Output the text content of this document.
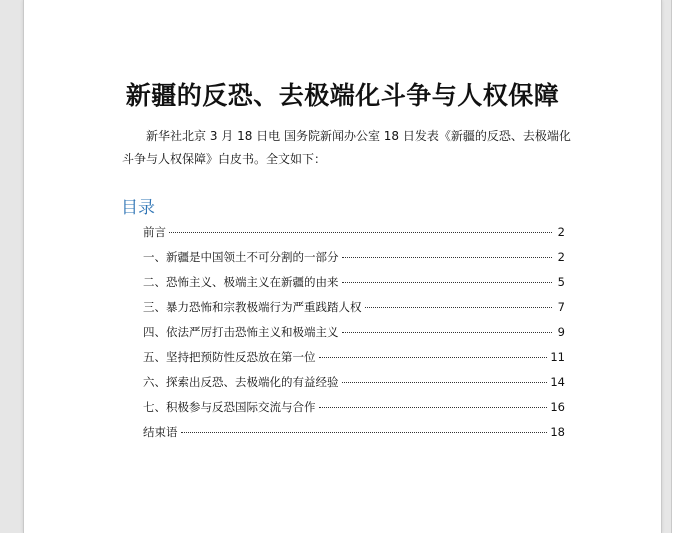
新疆的反恐、去极端化斗争与人权保障

新华社北京 3 月 18 日电 国务院新闻办公室 18 日发表《新疆的反恐、去极端化斗争与人权保障》白皮书。全文如下：

目录
前言	2
一、新疆是中国领土不可分割的一部分	2
二、恐怖主义、极端主义在新疆的由来	5
三、暴力恐怖和宗教极端行为严重践踏人权	7
四、依法严厉打击恐怖主义和极端主义	9
五、坚持把预防性反恐放在第一位	11
六、探索出反恐、去极端化的有益经验	14
七、积极参与反恐国际交流与合作	16
结束语	18
